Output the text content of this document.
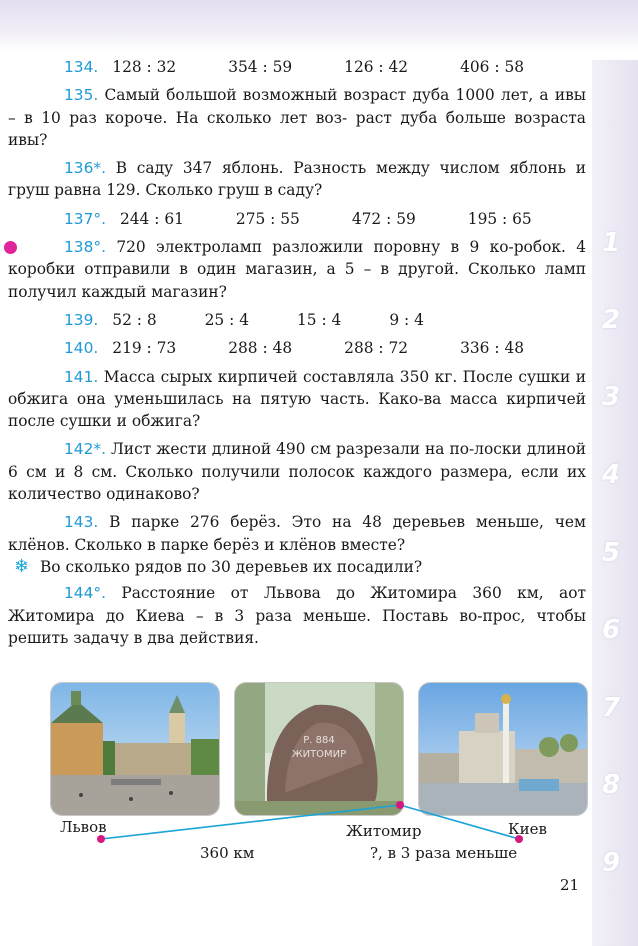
1
2
3
4
5
6
7
8
9
134. 128 : 32	354 : 59	126 : 42	406 : 58

135. Самый большой возможный возраст дуба 1000 лет, а ивы – в 10 раз короче. На сколько лет воз- раст дуба больше возраста ивы?

136*. В саду 347 яблонь. Разность между числом яблонь и груш равна 129. Сколько груш в саду?

137°. 244 : 61	275 : 55	472 : 59	195 : 65

138°. 720 электроламп разложили поровну в 9 ко-робок. 4 коробки отправили в один магазин, а 5 – в другой. Сколько ламп получил каждый магазин?

139. 52 : 8	25 : 4	15 : 4	9 : 4
140. 219 : 73	288 : 48	288 : 72	336 : 48

141. Масса сырых кирпичей составляла 350 кг. После сушки и обжига она уменьшилась на пятую часть. Како-ва масса кирпичей после сушки и обжига?

142*. Лист жести длиной 490 см разрезали на по-лоски длиной 6 см и 8 см. Сколько получили полосок каждого размера, если их количество одинаково?

143. В парке 276 берёз. Это на 48 деревьев меньше, чем клёнов. Сколько в парке берёз и клёнов вместе?

❄ Во сколько рядов по 30 деревьев их посадили?

144°. Расстояние от Львова до Житомира 360 км, аот Житомира до Киева – в 3 раза меньше. Поставь во-прос, чтобы решить задачу в два действия.

Р. 884
ЖИТОМИР
Львов	Житомир	Киев
360 км	?, в 3 раза меньше
21
